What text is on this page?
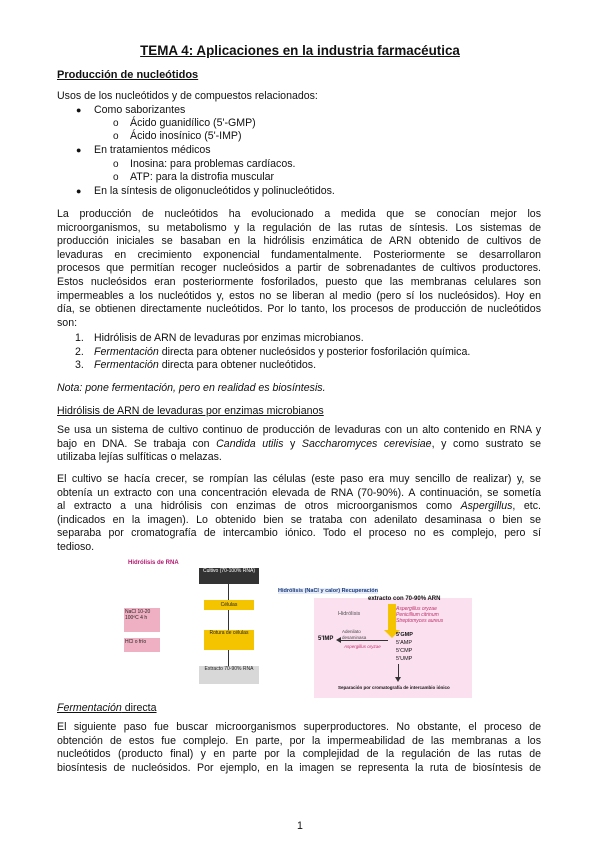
TEMA 4: Aplicaciones en la industria farmacéutica
Producción de nucleótidos
Usos de los nucleótidos y de compuestos relacionados:
● Como saborizantes
o Ácido guanidílico (5'-GMP)
o Ácido inosínico (5'-IMP)
● En tratamientos médicos
o Inosina: para problemas cardíacos.
o ATP: para la distrofia muscular
● En la síntesis de oligonucleótidos y polinucleótidos.
La producción de nucleótidos ha evolucionado a medida que se conocían mejor los
microorganismos, su metabolismo y la regulación de las rutas de síntesis. Los sistemas de
producción iniciales se basaban en la hidrólisis enzimática de ARN obtenido de cultivos de
levaduras en crecimiento exponencial fundamentalmente. Posteriormente se desarrollaron
procesos que permitían recoger nucleósidos a partir de sobrenadantes de cultivos productores.
Estos nucleósidos eran posteriormente fosforilados, puesto que las membranas celulares son
impermeables a los nucleótidos y, estos no se liberan al medio (pero sí los nucleósidos). Hoy en
día, se obtienen directamente nucleótidos. Por lo tanto, los procesos de producción de nucleótidos
son:
1. Hidrólisis de ARN de levaduras por enzimas microbianos.
2. Fermentación directa para obtener nucleósidos y posterior fosforilación química.
3. Fermentación directa para obtener nucleótidos.
Nota: pone fermentación, pero en realidad es biosíntesis.
Hidrólisis de ARN de levaduras por enzimas microbianos
Se usa un sistema de cultivo continuo de producción de levaduras con un alto contenido en RNA y
bajo en DNA. Se trabaja con Candida utilis y Saccharomyces cerevisiae, y como sustrato se
utilizaba lejías sulfíticas o melazas.
El cultivo se hacía crecer, se rompían las células (este paso era muy sencillo de realizar) y, se
obtenía un extracto con una concentración elevada de RNA (70-90%). A continuación, se sometía
al extracto a una hidrólisis con enzimas de otros microorganismos como Aspergillus, etc.
(indicados en la imagen). Lo obtenido bien se trataba con adenilato desaminasa o bien se
separaba por cromatografía de intercambio iónico. Todo el proceso no es complejo, pero sí
tedioso.
Hidrólisis de RNA
Cultivo (70-100% RNA)
Células
Rotura de células
Extracto 70-90% RNA
NaCl 10-20 100ºC 4 h
HCl o frío
Hidrólisis (NaCl y calor) Recuperación
extracto con 70-90% ARN
Hidrólisis
Aspergillus oryzae Penicillium citrinum Streptomyces aureus
Adenilato desaminasa
Aspergillus oryzae
5'IMP
5'GMP
5'AMP
5'CMP
5'UMP
Separación por cromatografía de intercambio iónico
Fermentación directa
El siguiente paso fue buscar microorganismos superproductores. No obstante, el proceso de
obtención de estos fue complejo. En parte, por la impermeabilidad de las membranas a los
nucleótidos (producto final) y en parte por la complejidad de la regulación de las rutas de
biosíntesis de nucleósidos. Por ejemplo, en la imagen se representa la ruta de biosíntesis de
1
